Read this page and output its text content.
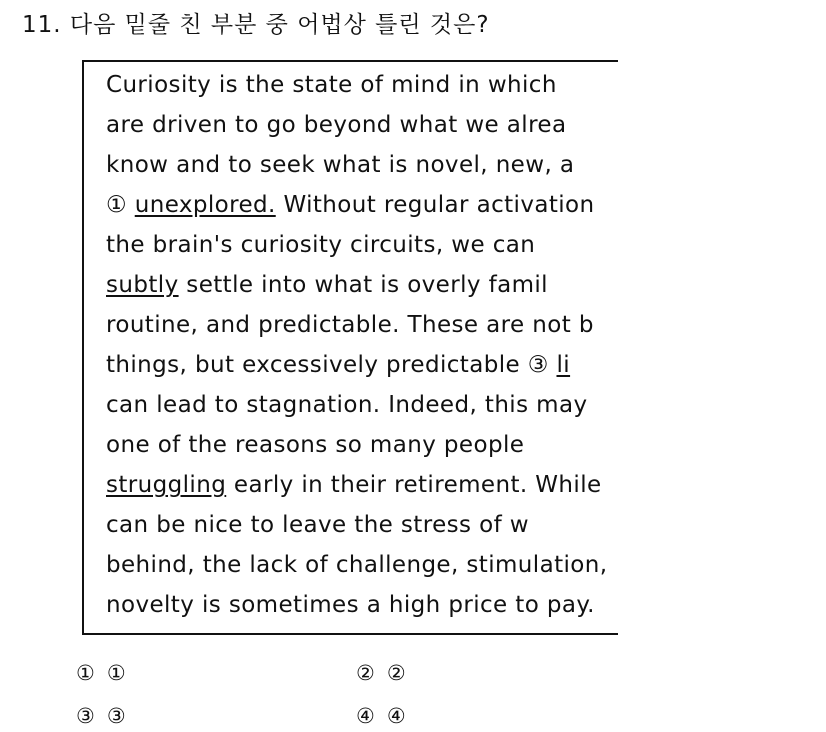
11. 다음 밑줄 친 부분 중 어법상 틀린 것은?
Curiosity is the state of mind in which
are driven to go beyond what we alrea
know and to seek what is novel, new, a
① unexplored. Without regular activation
the brain's curiosity circuits, we can
subtly settle into what is overly famil
routine, and predictable. These are not b
things, but excessively predictable ③ li
can lead to stagnation. Indeed, this may
one of the reasons so many people
struggling early in their retirement. While
can be nice to leave the stress of w
behind, the lack of challenge, stimulation,
novelty is sometimes a high price to pay.
① ①	② ②
③ ③	④ ④
